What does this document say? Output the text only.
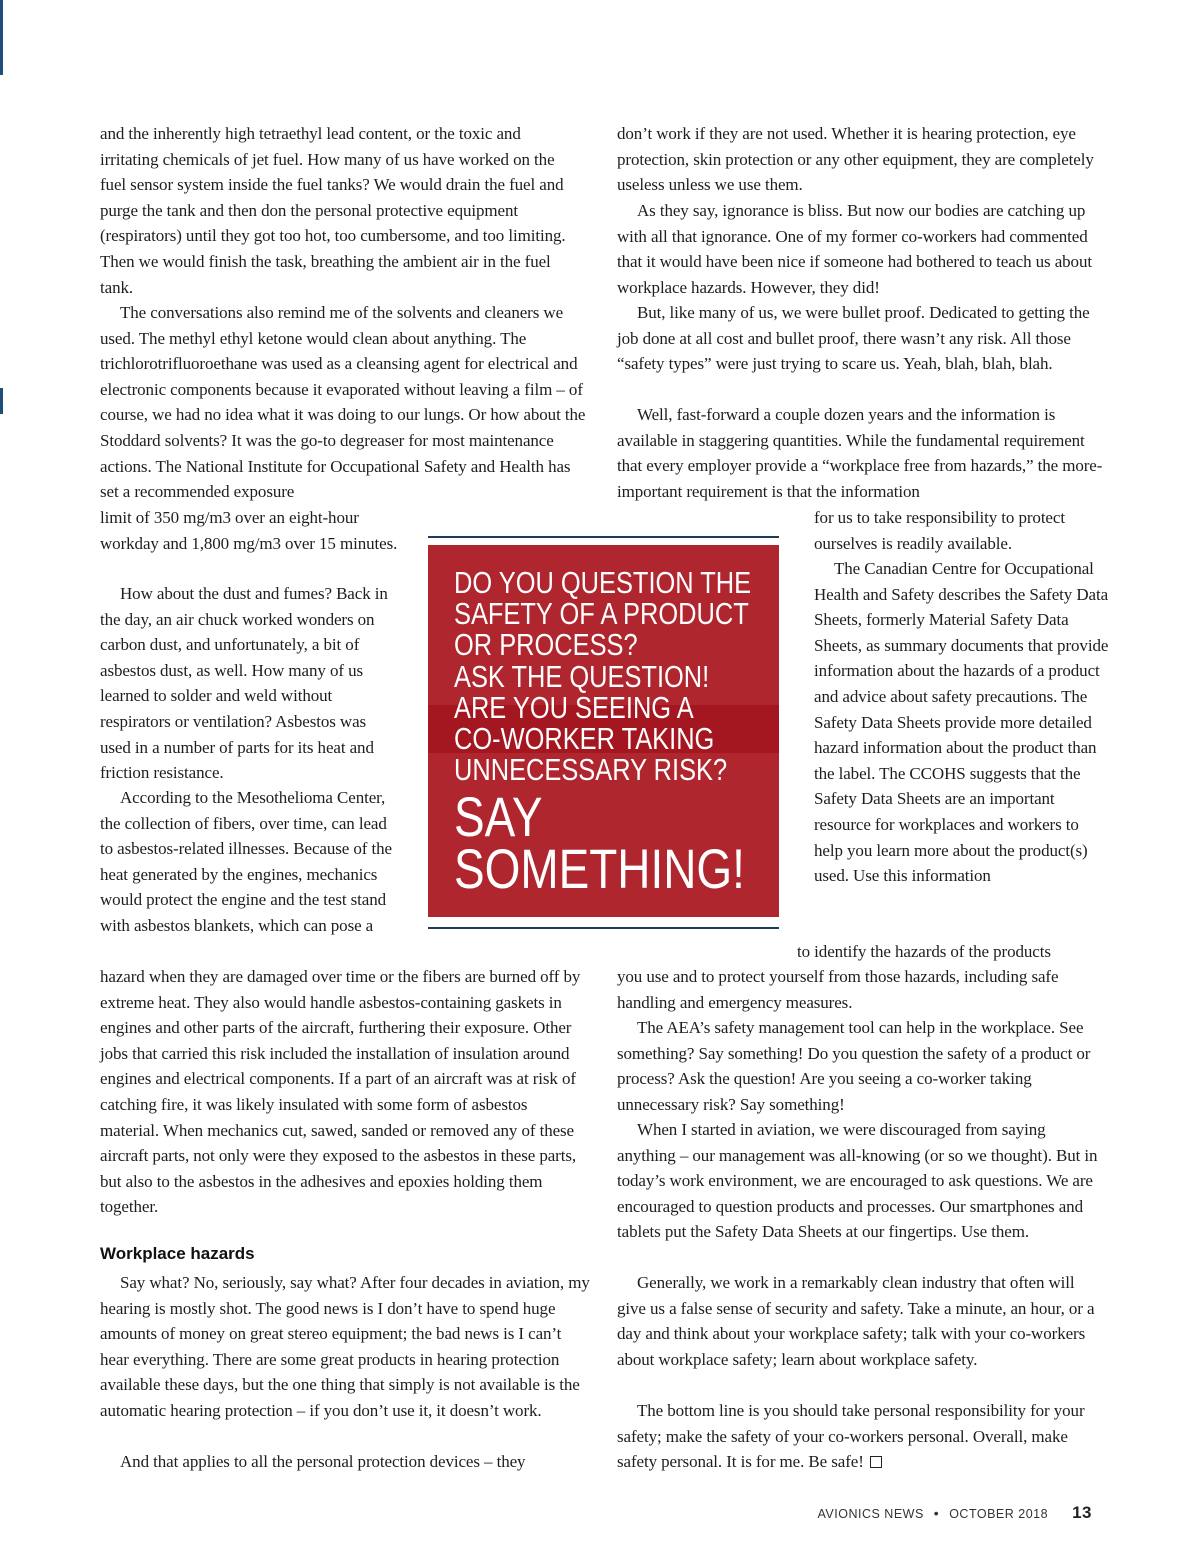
and the inherently high tetraethyl lead content, or the toxic and irritating chemicals of jet fuel. How many of us have worked on the fuel sensor system inside the fuel tanks? We would drain the fuel and purge the tank and then don the personal protective equipment (respirators) until they got too hot, too cumbersome, and too limiting. Then we would finish the task, breathing the ambient air in the fuel tank.

The conversations also remind me of the solvents and cleaners we used. The methyl ethyl ketone would clean about anything. The trichlorotrifluoroethane was used as a cleansing agent for electrical and electronic components because it evaporated without leaving a film – of course, we had no idea what it was doing to our lungs. Or how about the Stoddard solvents? It was the go-to degreaser for most maintenance actions. The National Institute for Occupational Safety and Health has set a recommended exposure

limit of 350 mg/m3 over an eight-hour workday and 1,800 mg/m3 over 15 minutes.

How about the dust and fumes? Back in the day, an air chuck worked wonders on carbon dust, and unfortunately, a bit of asbestos dust, as well. How many of us learned to solder and weld without respirators or ventilation? Asbestos was used in a number of parts for its heat and friction resistance.

According to the Mesothelioma Center, the collection of fibers, over time, can lead to asbestos-related illnesses. Because of the heat generated by the engines, mechanics would protect the engine and the test stand with asbestos blankets, which can pose a

hazard when they are damaged over time or the fibers are burned off by extreme heat. They also would handle asbestos-containing gaskets in engines and other parts of the aircraft, furthering their exposure. Other jobs that carried this risk included the installation of insulation around engines and electrical components. If a part of an aircraft was at risk of catching fire, it was likely insulated with some form of asbestos material. When mechanics cut, sawed, sanded or removed any of these aircraft parts, not only were they exposed to the asbestos in these parts, but also to the asbestos in the adhesives and epoxies holding them together.

Workplace hazards

Say what? No, seriously, say what? After four decades in aviation, my hearing is mostly shot. The good news is I don’t have to spend huge amounts of money on great stereo equipment; the bad news is I can’t hear everything. There are some great products in hearing protection available these days, but the one thing that simply is not available is the automatic hearing protection – if you don’t use it, it doesn’t work.

And that applies to all the personal protection devices – they

don’t work if they are not used. Whether it is hearing protection, eye protection, skin protection or any other equipment, they are completely useless unless we use them.

As they say, ignorance is bliss. But now our bodies are catching up with all that ignorance. One of my former co-workers had commented that it would have been nice if someone had bothered to teach us about workplace hazards. However, they did!

But, like many of us, we were bullet proof. Dedicated to getting the job done at all cost and bullet proof, there wasn’t any risk. All those “safety types” were just trying to scare us. Yeah, blah, blah, blah.

Well, fast-forward a couple dozen years and the information is available in staggering quantities. While the fundamental requirement that every employer provide a “workplace free from hazards,” the more-important requirement is that the information

for us to take responsibility to protect ourselves is readily available.

The Canadian Centre for Occupational Health and Safety describes the Safety Data Sheets, formerly Material Safety Data Sheets, as summary documents that provide information about the hazards of a product and advice about safety precautions. The Safety Data Sheets provide more detailed hazard information about the product than the label. The CCOHS suggests that the Safety Data Sheets are an important resource for workplaces and workers to help you learn more about the product(s) used. Use this information

to identify the hazards of the products

you use and to protect yourself from those hazards, including safe handling and emergency measures.

The AEA’s safety management tool can help in the workplace. See something? Say something! Do you question the safety of a product or process? Ask the question! Are you seeing a co-worker taking unnecessary risk? Say something!

When I started in aviation, we were discouraged from saying anything – our management was all-knowing (or so we thought). But in today’s work environment, we are encouraged to ask questions. We are encouraged to question products and processes. Our smartphones and tablets put the Safety Data Sheets at our fingertips. Use them.

Generally, we work in a remarkably clean industry that often will give us a false sense of security and safety. Take a minute, an hour, or a day and think about your workplace safety; talk with your co-workers about workplace safety; learn about workplace safety.

The bottom line is you should take personal responsibility for your safety; make the safety of your co-workers personal. Overall, make safety personal. It is for me. Be safe!

DO YOU QUESTION THE
SAFETY OF A PRODUCT
OR PROCESS?
ASK THE QUESTION!
ARE YOU SEEING A
CO-WORKER TAKING
UNNECESSARY RISK?
SAY
SOMETHING!
AVIONICS NEWS • OCTOBER 2018 13
